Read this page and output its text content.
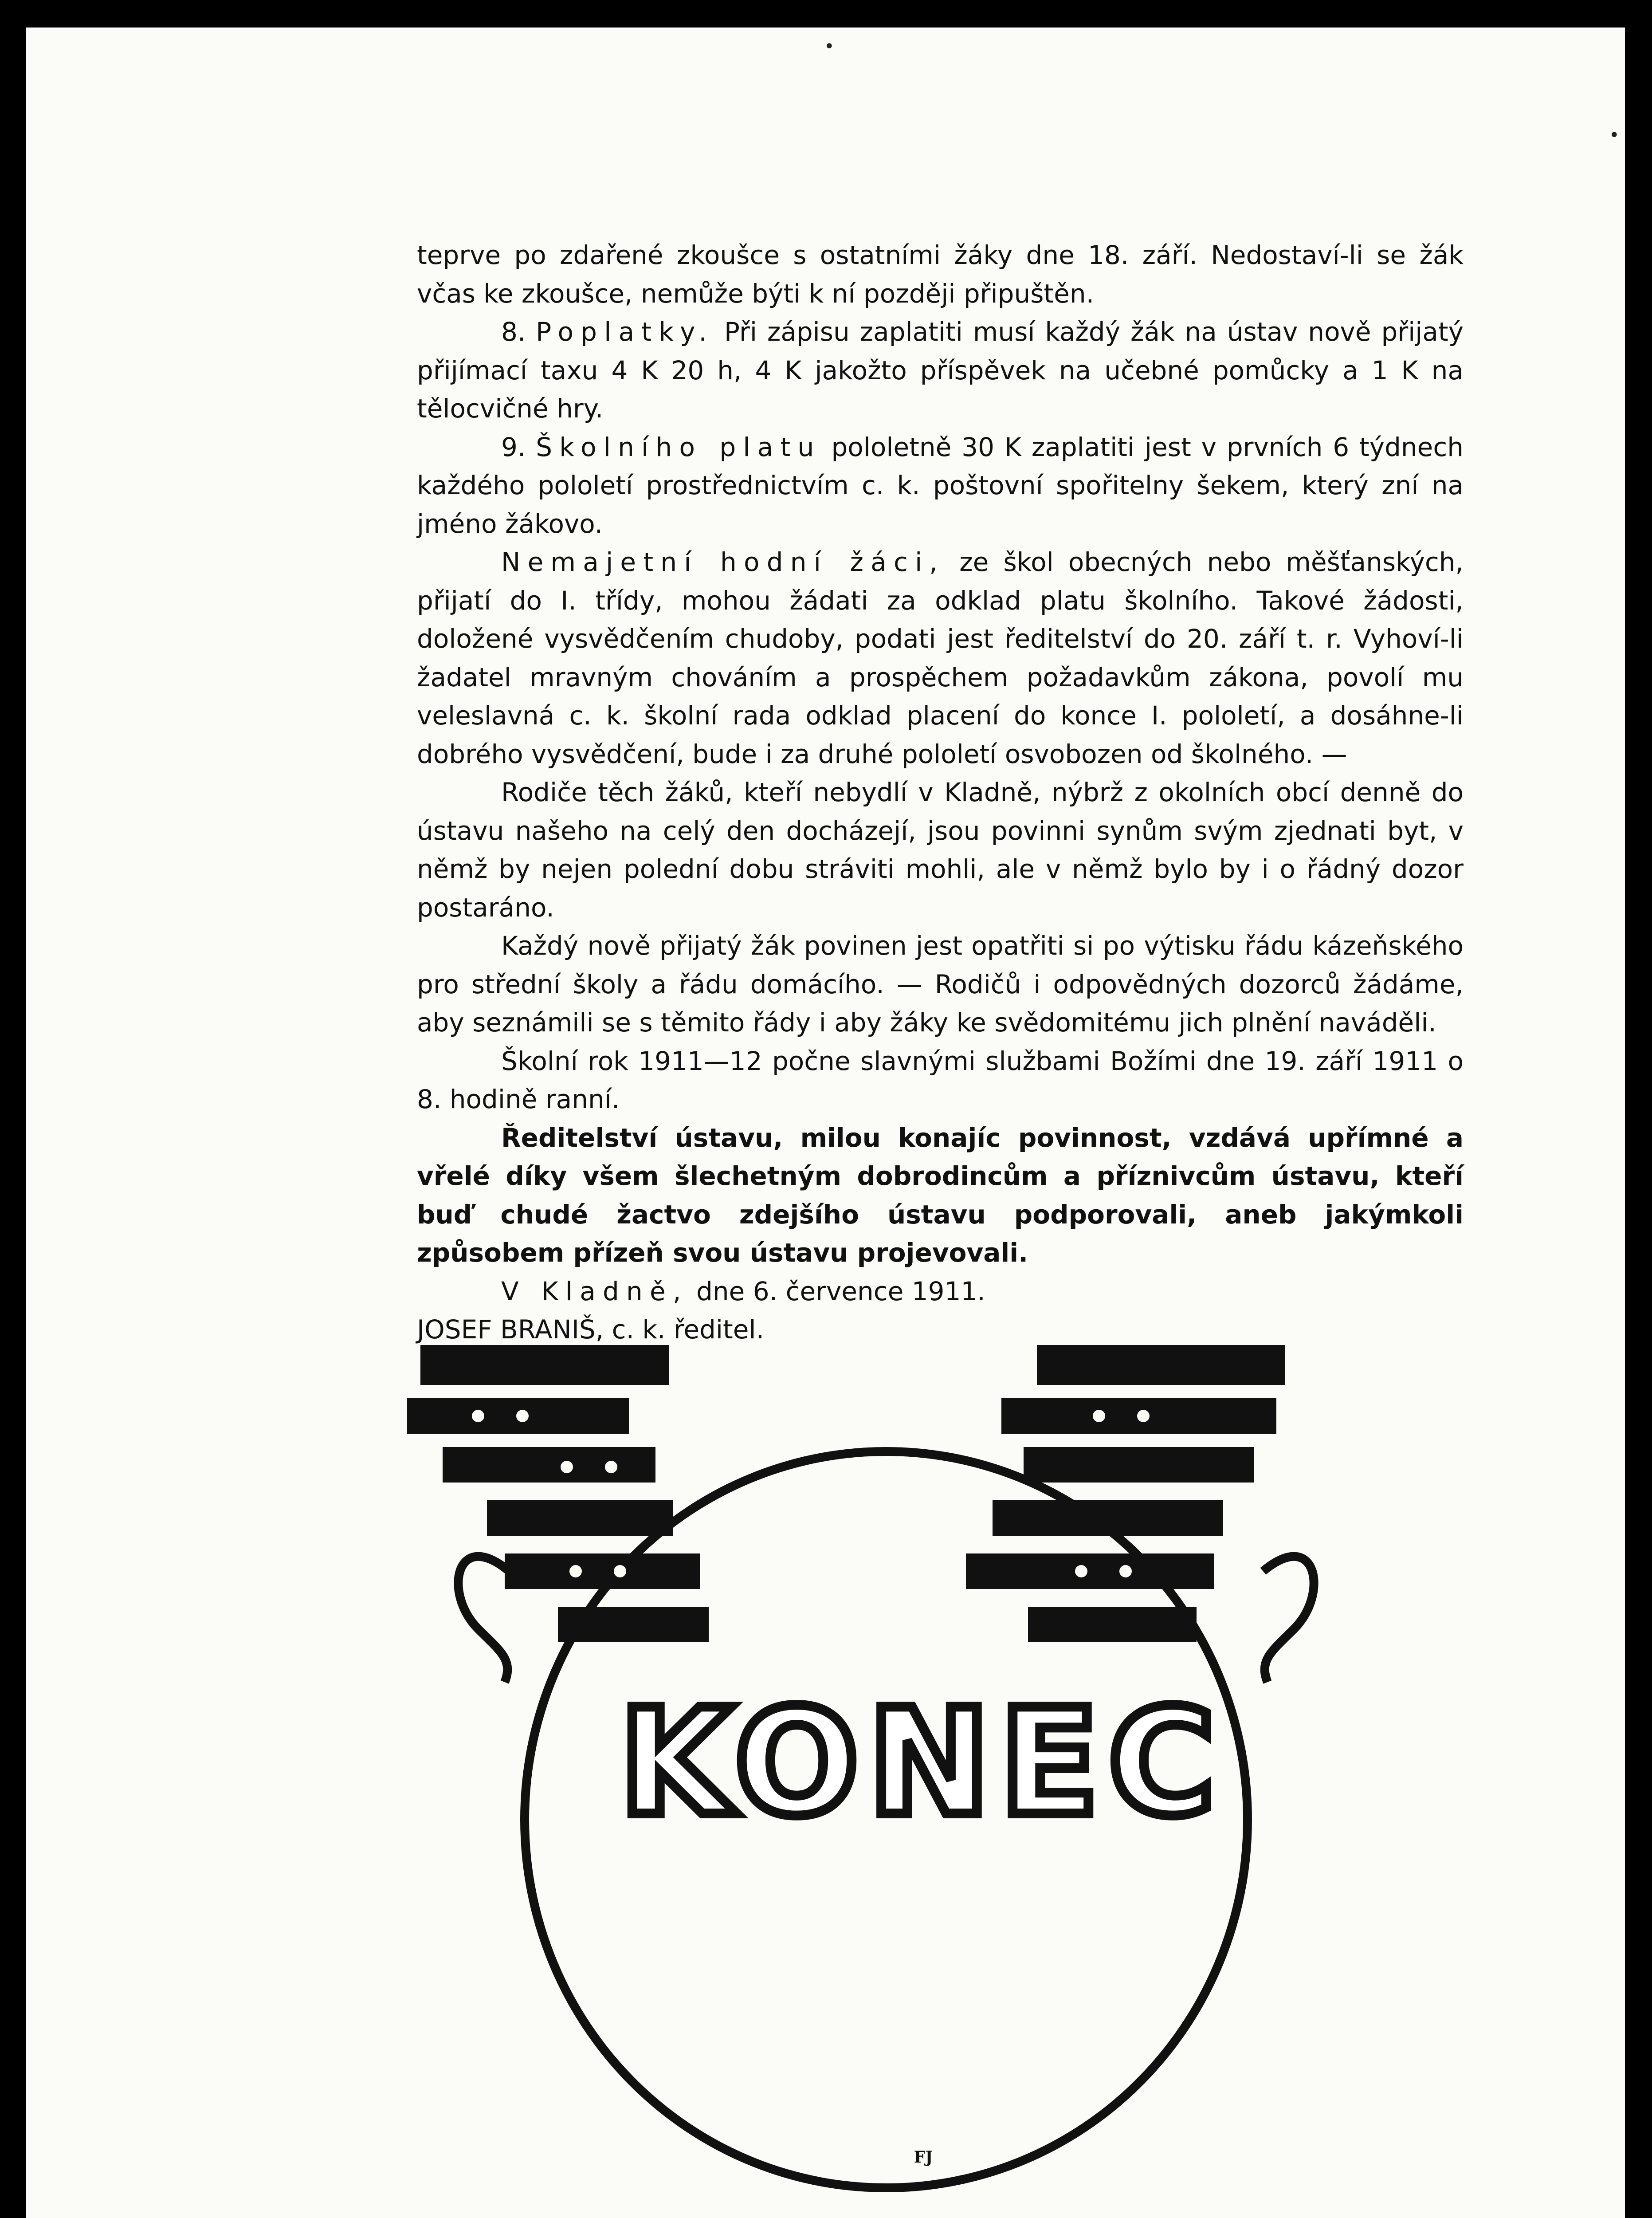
teprve po zdařené zkoušce s ostatními žáky dne 18. září. Nedostaví-li se žák včas ke zkoušce, nemůže býti k ní později připuštěn.

8. Poplatky. Při zápisu zaplatiti musí každý žák na ústav nově přijatý přijímací taxu 4 K 20 h, 4 K jakožto příspěvek na učebné pomůcky a 1 K na tělocvičné hry.

9. Školního platu pololetně 30 K zaplatiti jest v prvních 6 týdnech každého pololetí prostřednictvím c. k. poštovní spořitelny šekem, který zní na jméno žákovo.

Nemajetní hodní žáci, ze škol obecných nebo měšťanských, přijatí do I. třídy, mohou žádati za odklad platu školního. Takové žádosti, doložené vysvědčením chudoby, podati jest ředitelství do 20. září t. r. Vyhoví-li žadatel mravným chováním a prospěchem požadavkům zákona, povolí mu veleslavná c. k. školní rada odklad placení do konce I. pololetí, a dosáhne-li dobrého vysvědčení, bude i za druhé pololetí osvobozen od školného. —

Rodiče těch žáků, kteří nebydlí v Kladně, nýbrž z okolních obcí denně do ústavu našeho na celý den docházejí, jsou povinni synům svým zjednati byt, v němž by nejen polední dobu stráviti mohli, ale v němž bylo by i o řádný dozor postaráno.

Každý nově přijatý žák povinen jest opatřiti si po výtisku řádu kázeňského pro střední školy a řádu domácího. — Rodičů i odpovědných dozorců žádáme, aby seznámili se s těmito řády i aby žáky ke svědomitému jich plnění naváděli.

Školní rok 1911—12 počne slavnými službami Božími dne 19. září 1911 o 8. hodině ranní.

Ředitelství ústavu, milou konajíc povinnost, vzdává upřímné a vřelé díky všem šlechetným dobrodincům a příznivcům ústavu, kteří buď chudé žactvo zdejšího ústavu podporovali, aneb jakýmkoli způsobem přízeň svou ústavu projevovali.

V Kladně, dne 6. července 1911.

JOSEF BRANIŠ, c. k. ředitel.

KONEC
FJ
•
•
